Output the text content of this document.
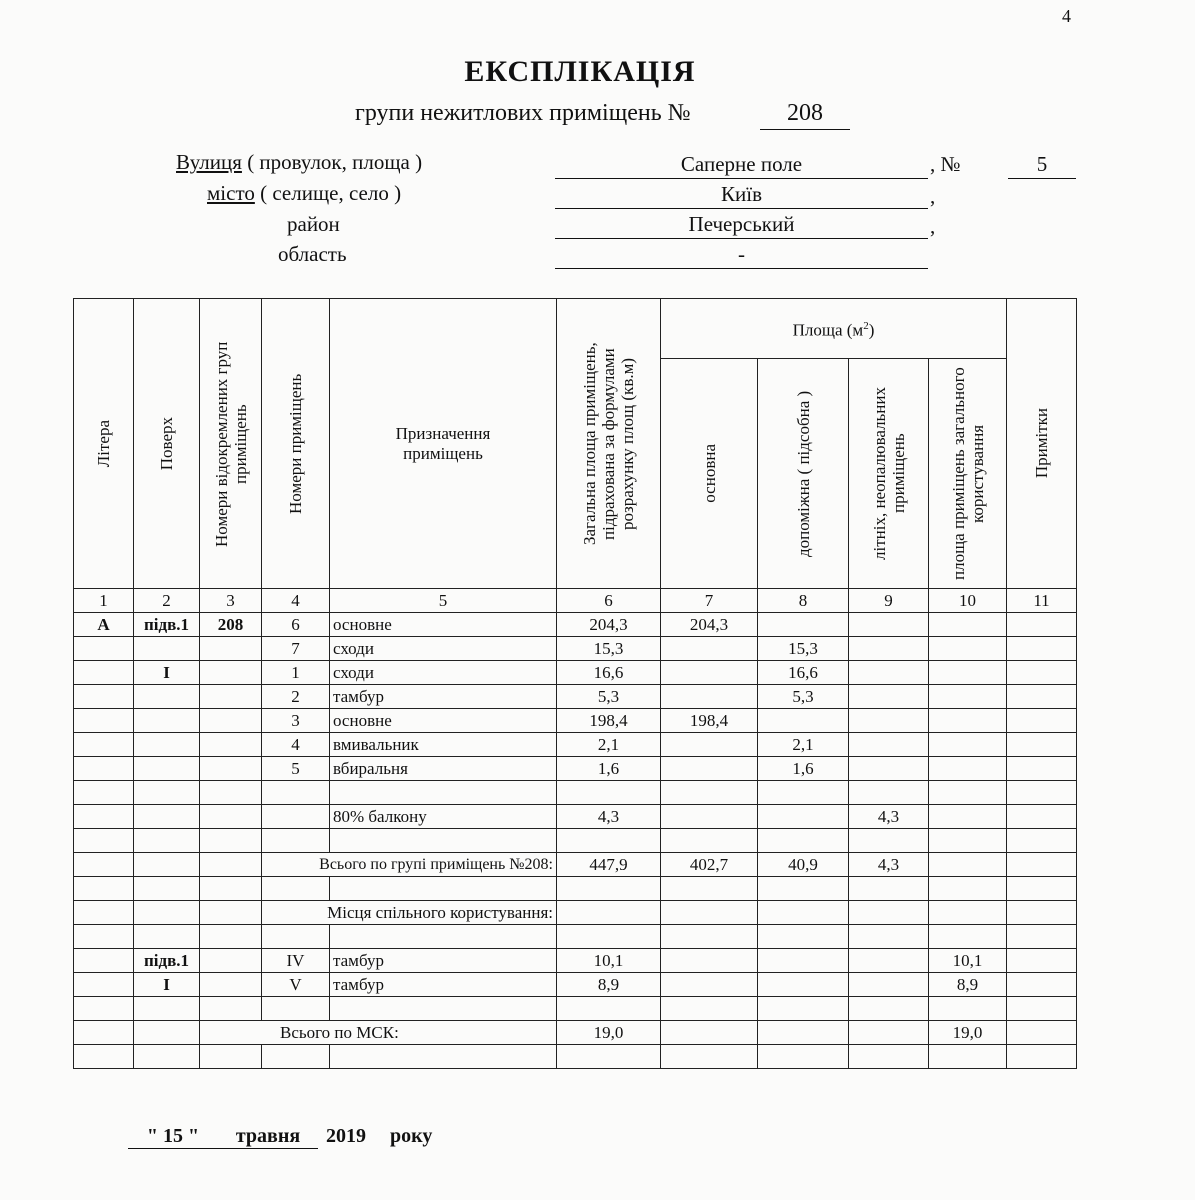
4
ЕКСПЛІКАЦІЯ
групи нежитлових приміщень №	208
Вулиця ( провулок, площа )	Саперне поле	, №	5
місто ( селище, село )	Київ	,
район	Печерський	,
область	-
Літера	Поверх	Номери відокремлених груп приміщень	Номери приміщень	Призначення приміщень	Загальна площа приміщень, підрахована за формулами розрахунку площ (кв.м)	Площа $(м^2)$				Примітки

						основна	допоміжна ( підсобна )	літніх, неопалювальних приміщень	площа приміщень загального користування	

1	2	3	4	5	6	7	8	9	10	11
А	підв.1	208	6	основне	204,3	204,3				
			7	сходи	15,3		15,3			
	I		1	сходи	16,6		16,6			
			2	тамбур	5,3		5,3			
			3	основне	198,4	198,4				
			4	вмивальник	2,1		2,1			
			5	вбиральня	1,6		1,6			

				80% балкону	4,3			4,3		

			Всього по групі приміщень №208:		447,9	402,7	40,9	4,3		

			Місця спільного користування:							

	підв.1		IV	тамбур	10,1				10,1	
	I		V	тамбур	8,9				8,9	

		Всього по МСК:			19,0				19,0	

" 15 "	травня	2019 року
